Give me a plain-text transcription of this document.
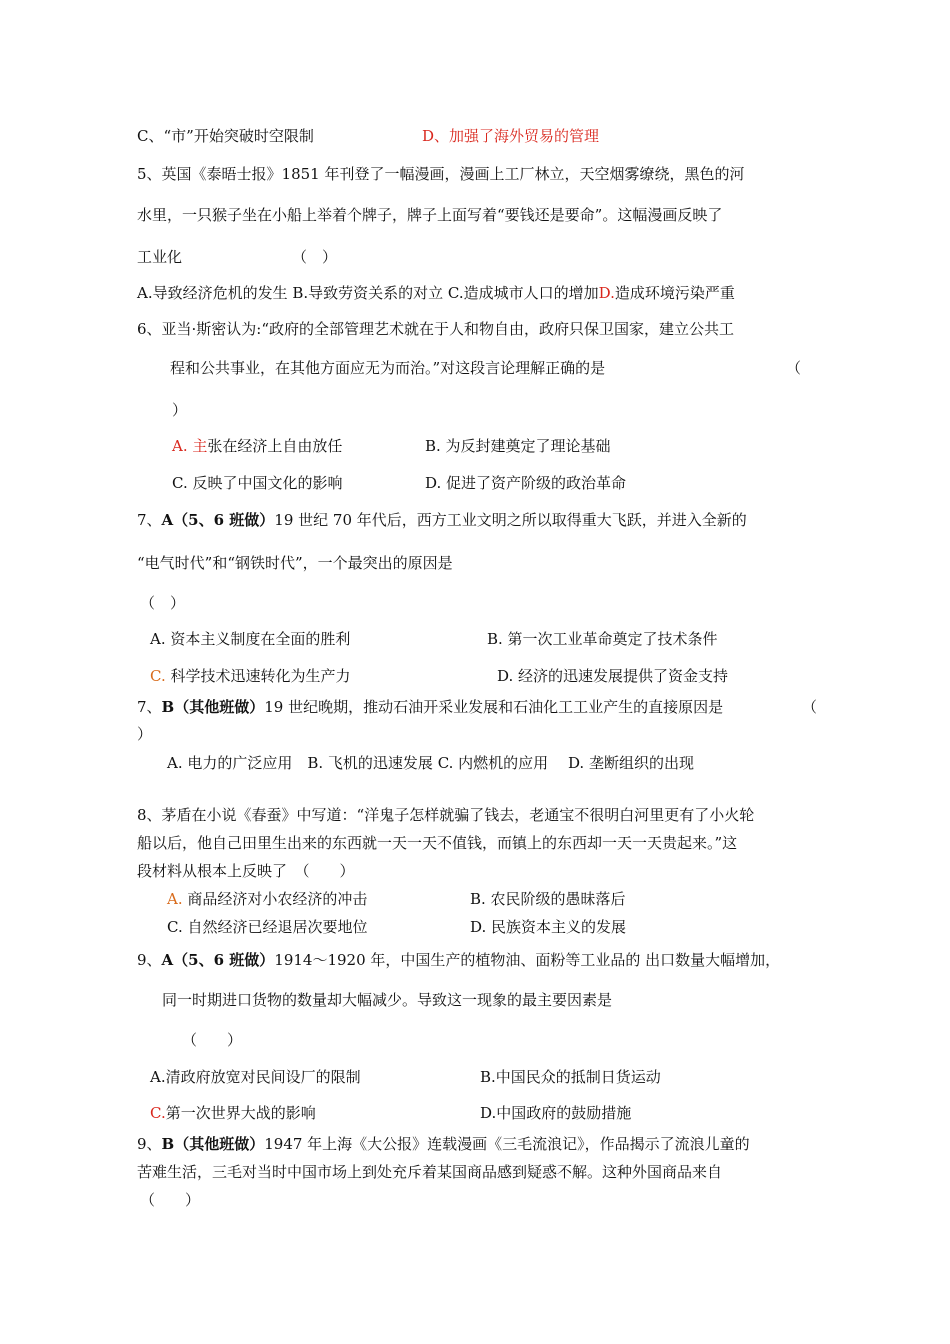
C、“市”开始突破时空限制	D、加强了海外贸易的管理
5、英国《泰晤士报》1851 年刊登了一幅漫画，漫画上工厂林立，天空烟雾缭绕，黑色的河
水里，一只猴子坐在小船上举着个牌子，牌子上面写着“要钱还是要命”。这幅漫画反映了
工业化	（　）
A.导致经济危机的发生 B.导致劳资关系的对立 C.造成城市人口的增加D.造成环境污染严重
6、亚当·斯密认为:“政府的全部管理艺术就在于人和物自由，政府只保卫国家，建立公共工
程和公共事业，在其他方面应无为而治。”对这段言论理解正确的是	（
）
A. 主张在经济上自由放任	B. 为反封建奠定了理论基础
C. 反映了中国文化的影响	D. 促进了资产阶级的政治革命
7、A（5、6 班做）19 世纪 70 年代后，西方工业文明之所以取得重大飞跃，并进入全新的
“电气时代”和“钢铁时代”，一个最突出的原因是
（　）
A. 资本主义制度在全面的胜利	B. 第一次工业革命奠定了技术条件
C. 科学技术迅速转化为生产力	D. 经济的迅速发展提供了资金支持
7、B（其他班做）19 世纪晚期，推动石油开采业发展和石油化工工业产生的直接原因是	（
）
A. 电力的广泛应用　B. 飞机的迅速发展 C. 内燃机的应用　 D. 垄断组织的出现
8、茅盾在小说《春蚕》中写道：“洋鬼子怎样就骗了钱去，老通宝不很明白河里更有了小火轮
船以后，他自己田里生出来的东西就一天一天不值钱，而镇上的东西却一天一天贵起来。”这
段材料从根本上反映了　（　　）
A. 商品经济对小农经济的冲击	B. 农民阶级的愚昧落后
C. 自然经济已经退居次要地位	D. 民族资本主义的发展
9、A（5、6 班做）1914～1920 年，中国生产的植物油、面粉等工业品的 出口数量大幅增加，
同一时期进口货物的数量却大幅减少。导致这一现象的最主要因素是
（　　）
A.清政府放宽对民间设厂的限制	B.中国民众的抵制日货运动
C.第一次世界大战的影响	D.中国政府的鼓励措施
9、B（其他班做）1947 年上海《大公报》连载漫画《三毛流浪记》，作品揭示了流浪儿童的
苦难生活，三毛对当时中国市场上到处充斥着某国商品感到疑惑不解。这种外国商品来自
（　　）
